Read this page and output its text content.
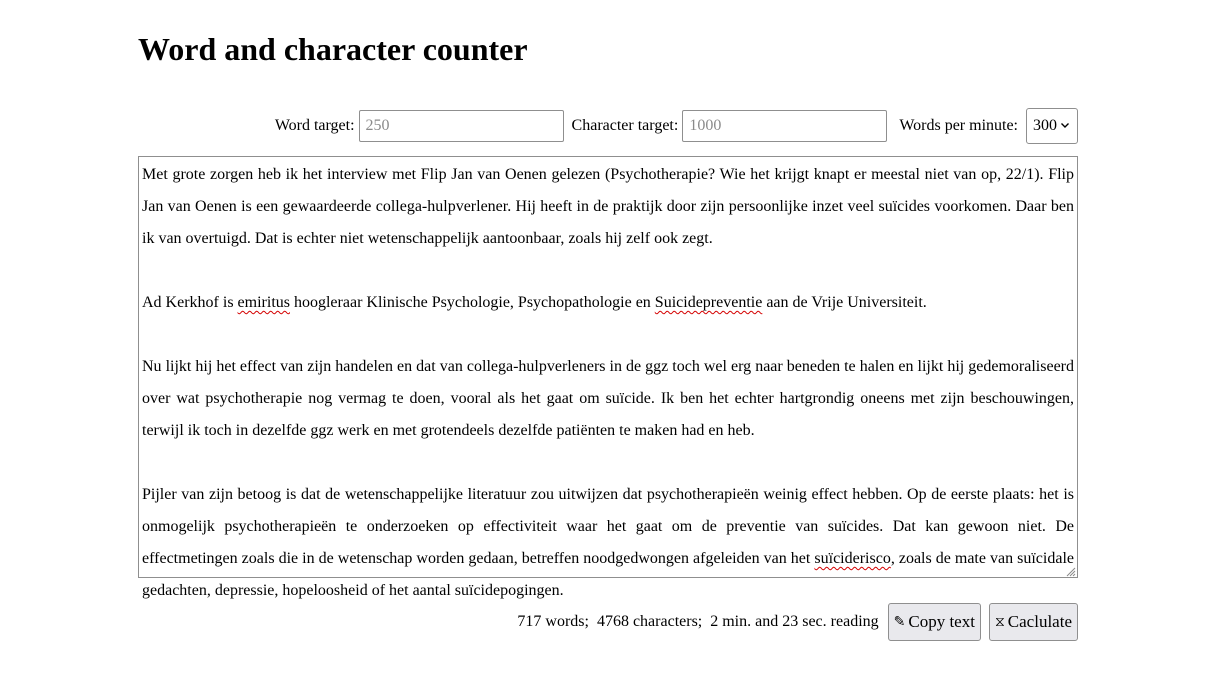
Word and character counter
Word target:
250	Character target:
1000	Words per minute: 300

Met grote zorgen heb ik het interview met Flip Jan van Oenen gelezen (Psychotherapie? Wie het krijgt knapt er meestal niet van op, 22/1). Flip Jan van Oenen is een gewaardeerde collega-hulpverlener. Hij heeft in de praktijk door zijn persoonlijke inzet veel suïcides voorkomen. Daar ben ik van overtuigd. Dat is echter niet wetenschappelijk aantoonbaar, zoals hij zelf ook zegt.

Ad Kerkhof is emiritus hoogleraar Klinische Psychologie, Psychopathologie en Suicidepreventie aan de Vrije Universiteit.

Nu lijkt hij het effect van zijn handelen en dat van collega-hulpverleners in de ggz toch wel erg naar beneden te halen en lijkt hij gedemoraliseerd over wat psychotherapie nog vermag te doen, vooral als het gaat om suïcide. Ik ben het echter hartgrondig oneens met zijn beschouwingen, terwijl ik toch in dezelfde ggz werk en met grotendeels dezelfde patiënten te maken had en heb.

Pijler van zijn betoog is dat de wetenschappelijke literatuur zou uitwijzen dat psychotherapieën weinig effect hebben. Op de eerste plaats: het is onmogelijk psychotherapieën te onderzoeken op effectiviteit waar het gaat om de preventie van suïcides. Dat kan gewoon niet. De effectmetingen zoals die in de wetenschap worden gedaan, betreffen noodgedwongen afgeleiden van het suïciderisco, zoals de mate van suïcidale gedachten, depressie, hopeloosheid of het aantal suïcidepogingen.

717 words; 4768 characters; 2 min. and 23 sec. reading ✎ Copy text ⧖ Caclulate
